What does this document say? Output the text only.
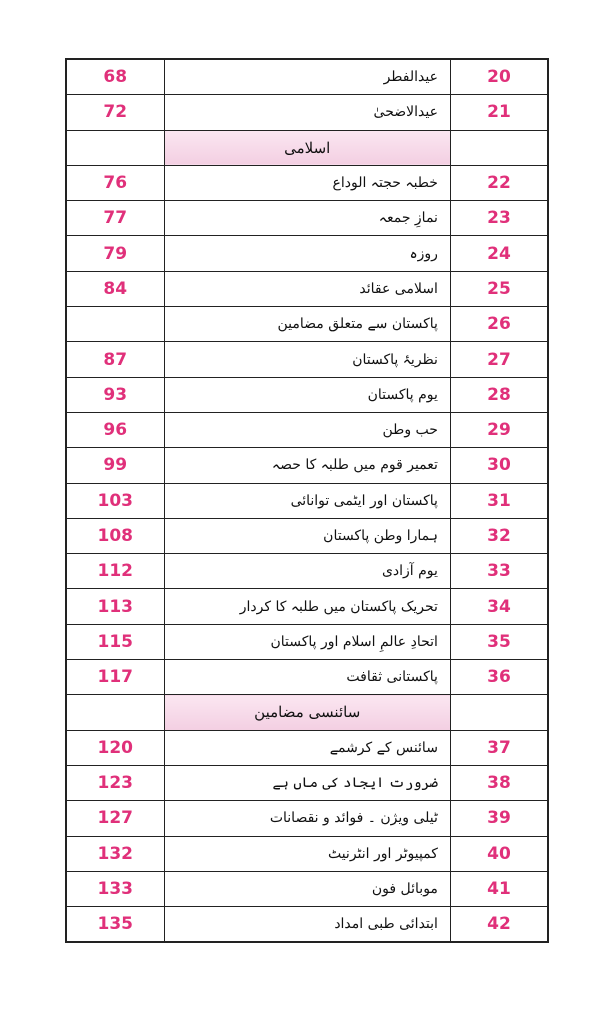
68	عیدالفطر	20
72	عیدالاضحیٰ	21
	اسلامی	
76	خطبہ حجتہ الوداع	22
77	نمازِ جمعہ	23
79	روزہ	24
84	اسلامی عقائد	25
	پاکستان سے متعلق مضامین	26
87	نظریۂ پاکستان	27
93	یوم پاکستان	28
96	حب وطن	29
99	تعمیر قوم میں طلبہ کا حصہ	30
103	پاکستان اور ایٹمی توانائی	31
108	ہمارا وطن پاکستان	32
112	یوم آزادی	33
113	تحریک پاکستان میں طلبہ کا کردار	34
115	اتحادِ عالمِ اسلام اور پاکستان	35
117	پاکستانی ثقافت	36
	سائنسی مضامین	
120	سائنس کے کرشمے	37
123	ضرورت ایجاد کی ماں ہے	38
127	ٹیلی ویژن ۔ فوائد و نقصانات	39
132	کمپیوٹر اور انٹرنیٹ	40
133	موبائل فون	41
135	ابتدائی طبی امداد	42
